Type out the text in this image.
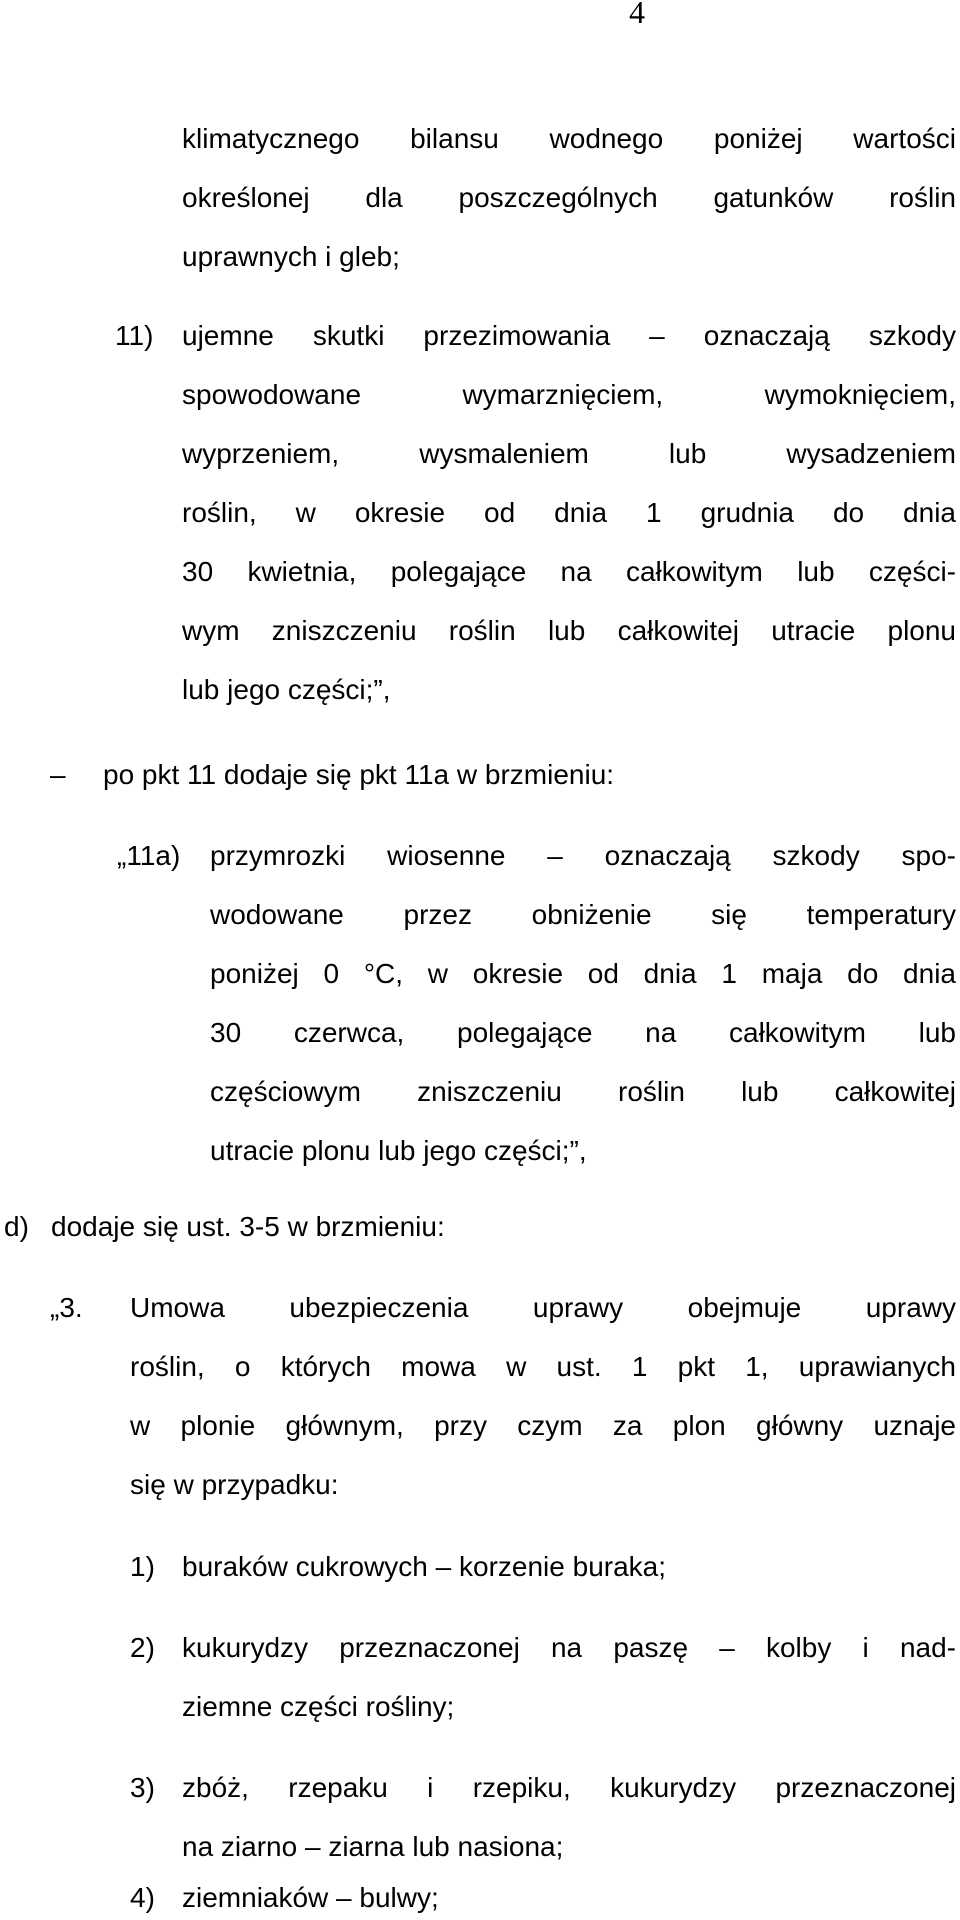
4
klimatycznego bilansu wodnego poniżej wartości
określonej dla poszczególnych gatunków roślin
uprawnych i gleb;
11) ujemne skutki przezimowania – oznaczają szkody
spowodowane wymarznięciem, wymoknięciem,
wyprzeniem, wysmaleniem lub wysadzeniem
roślin, w okresie od dnia 1 grudnia do dnia
30 kwietnia, polegające na całkowitym lub części-
wym zniszczeniu roślin lub całkowitej utracie plonu
lub jego części;”,
– po pkt 11 dodaje się pkt 11a w brzmieniu:
„11a) przymrozki wiosenne – oznaczają szkody spo-
wodowane przez obniżenie się temperatury
poniżej 0 °C, w okresie od dnia 1 maja do dnia
30 czerwca, polegające na całkowitym lub
częściowym zniszczeniu roślin lub całkowitej
utracie plonu lub jego części;”,
d) dodaje się ust. 3-5 w brzmieniu:
„3. Umowa ubezpieczenia uprawy obejmuje uprawy
roślin, o których mowa w ust. 1 pkt 1, uprawianych
w plonie głównym, przy czym za plon główny uznaje
się w przypadku:
1) buraków cukrowych – korzenie buraka;
2) kukurydzy przeznaczonej na paszę – kolby i nad-
ziemne części rośliny;
3) zbóż, rzepaku i rzepiku, kukurydzy przeznaczonej
na ziarno – ziarna lub nasiona;
4) ziemniaków – bulwy;
